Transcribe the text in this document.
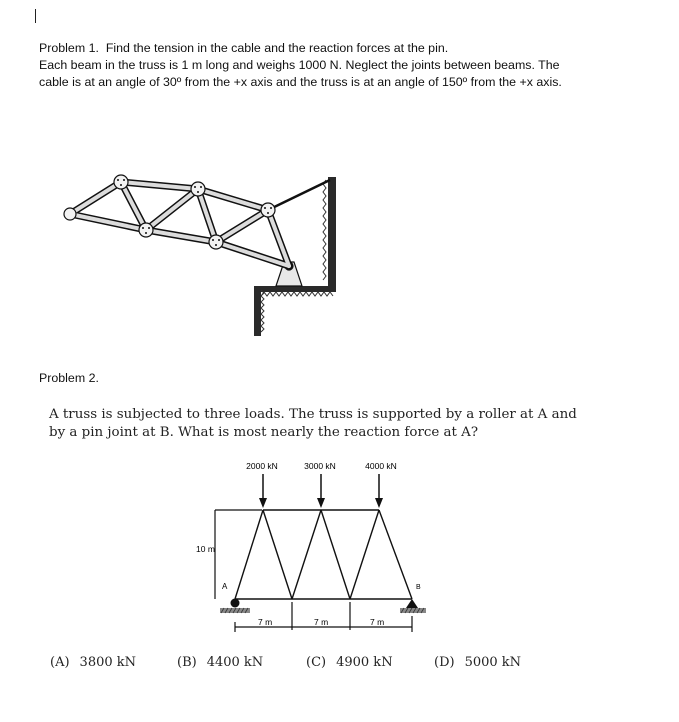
Problem 1. Find the tension in the cable and the reaction forces at the pin.
Each beam in the truss is 1 m long and weighs 1000 N. Neglect the joints between beams. The
cable is at an angle of 30º from the +x axis and the truss is at an angle of 150º from the +x axis.
Problem 2.
A truss is subjected to three loads. The truss is supported by a roller at A and
by a pin joint at B. What is most nearly the reaction force at A?
2000 kN	3000 kN	4000 kN
10 m
A	B
7 m	7 m	7 m
(A) 3800 kN	(B) 4400 kN	(C) 4900 kN	(D) 5000 kN
